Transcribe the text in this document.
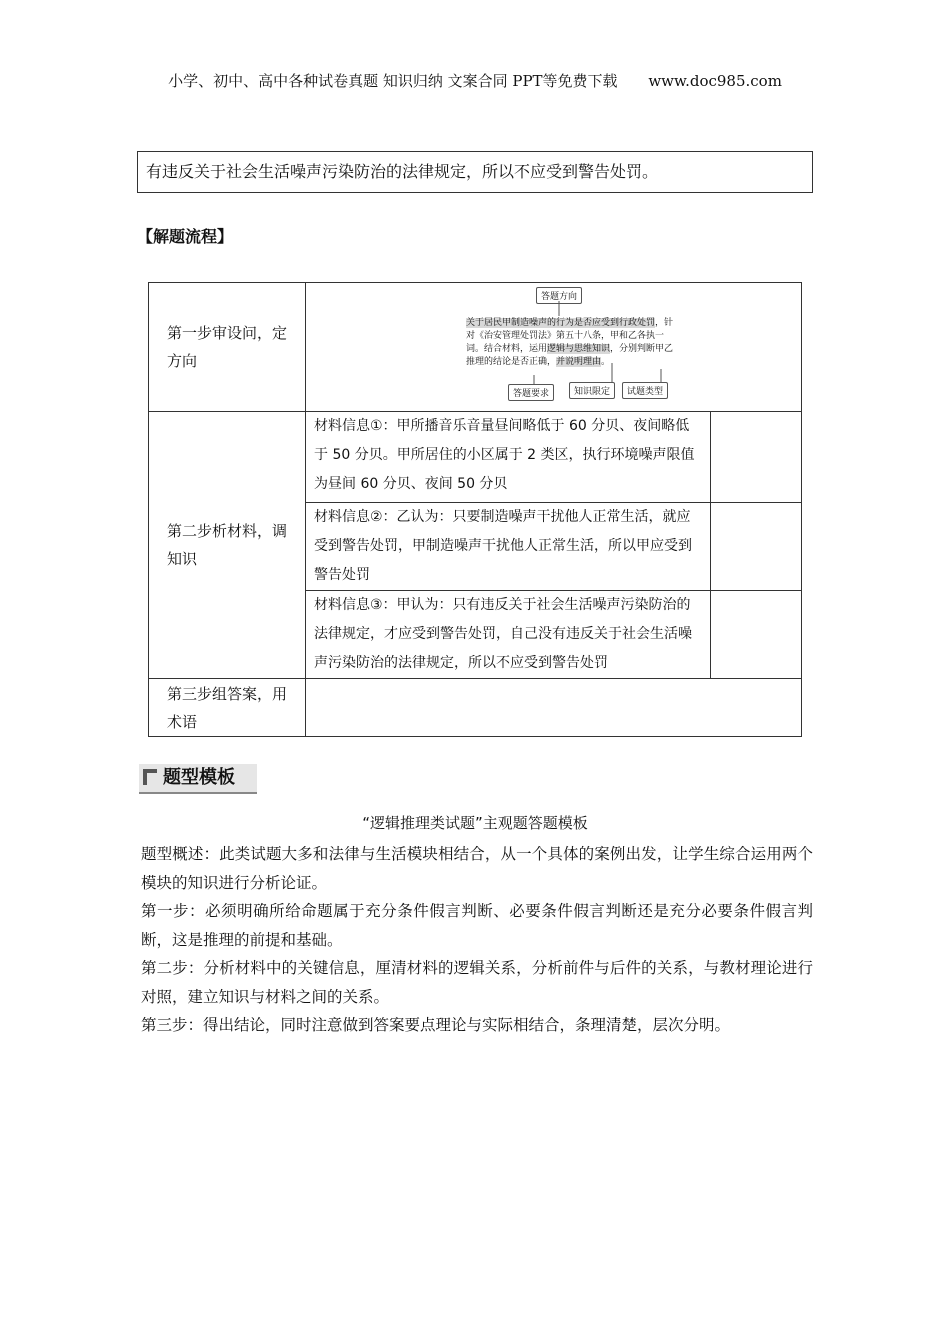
小学、初中、高中各种试卷真题 知识归纳 文案合同 PPT等免费下载 www.doc985.com
有违反关于社会生活噪声污染防治的法律规定，所以不应受到警告处罚。
【解题流程】
第一步审设问，定方向	答题方向
关于居民甲制造噪声的行为是否应受到行政处罚，针对《治安管理处罚法》第五十八条，甲和乙各执一词。结合材料，运用逻辑与思维知识，分别判断甲乙推理的结论是否正确，并说明理由。
答题要求 知识限定 试题类型	

第二步析材料，调知识	材料信息①：甲所播音乐音量昼间略低于 60 分贝、夜间略低于 50 分贝。甲所居住的小区属于 2 类区，执行环境噪声限值为昼间 60 分贝、夜间 50 分贝	
	材料信息②：乙认为：只要制造噪声干扰他人正常生活，就应受到警告处罚，甲制造噪声干扰他人正常生活，所以甲应受到警告处罚	
	材料信息③：甲认为：只有违反关于社会生活噪声污染防治的法律规定，才应受到警告处罚，自己没有违反关于社会生活噪声污染防治的法律规定，所以不应受到警告处罚	
第三步组答案，用术语		
题型模板
“逻辑推理类试题”主观题答题模板

题型概述：此类试题大多和法律与生活模块相结合，从一个具体的案例出发，让学生综合运用两个模块的知识进行分析论证。

第一步：必须明确所给命题属于充分条件假言判断、必要条件假言判断还是充分必要条件假言判断，这是推理的前提和基础。

第二步：分析材料中的关键信息，厘清材料的逻辑关系，分析前件与后件的关系，与教材理论进行对照，建立知识与材料之间的关系。

第三步：得出结论，同时注意做到答案要点理论与实际相结合，条理清楚，层次分明。
